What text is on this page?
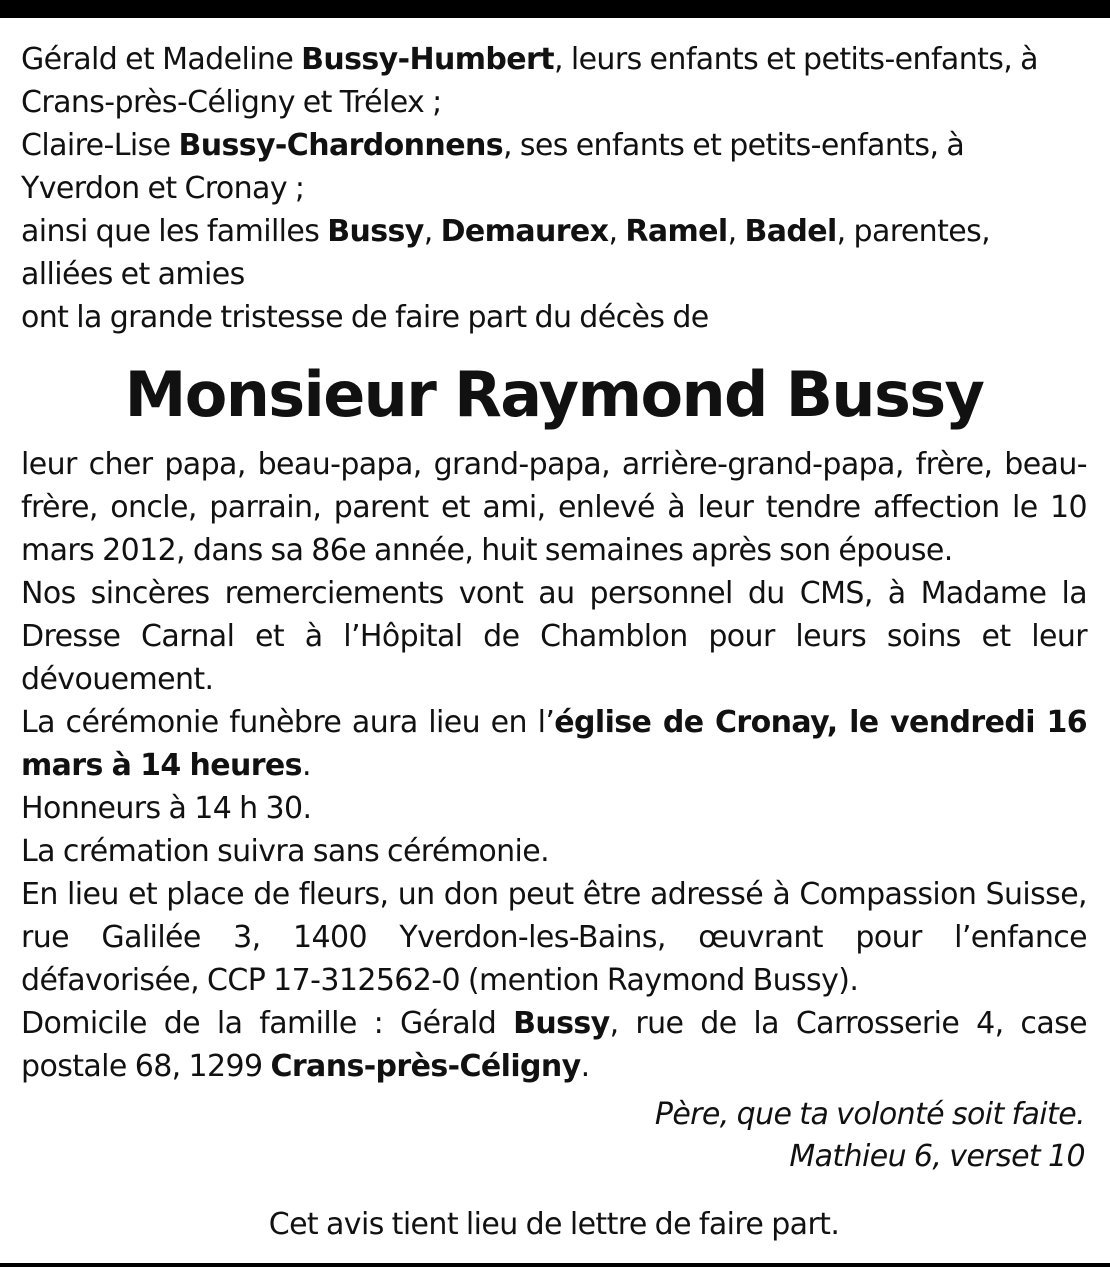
Gérald et Madeline Bussy-Humbert, leurs enfants et petits-enfants, à Crans-près-Céligny et Trélex ;

Claire-Lise Bussy-Chardonnens, ses enfants et petits-enfants, à Yverdon et Cronay ;

ainsi que les familles Bussy, Demaurex, Ramel, Badel, parentes, alliées et amies

ont la grande tristesse de faire part du décès de

Monsieur Raymond Bussy

leur cher papa, beau-papa, grand-papa, arrière-grand-papa, frère, beau-frère, oncle, parrain, parent et ami, enlevé à leur tendre affection le 10 mars 2012, dans sa 86e année, huit semaines après son épouse.

Nos sincères remerciements vont au personnel du CMS, à Madame la Dresse Carnal et à l’Hôpital de Chamblon pour leurs soins et leur dévouement.

La cérémonie funèbre aura lieu en l’église de Cronay, le vendredi 16 mars à 14 heures.

Honneurs à 14 h 30.

La crémation suivra sans cérémonie.

En lieu et place de fleurs, un don peut être adressé à Compassion Suisse, rue Galilée 3, 1400 Yverdon-les-Bains, œuvrant pour l’enfance défavorisée, CCP 17-312562-0 (mention Raymond Bussy).

Domicile de la famille : Gérald Bussy, rue de la Carrosserie 4, case postale 68, 1299 Crans-près-Céligny.

Père, que ta volonté soit faite.
Mathieu 6, verset 10
Cet avis tient lieu de lettre de faire part.
